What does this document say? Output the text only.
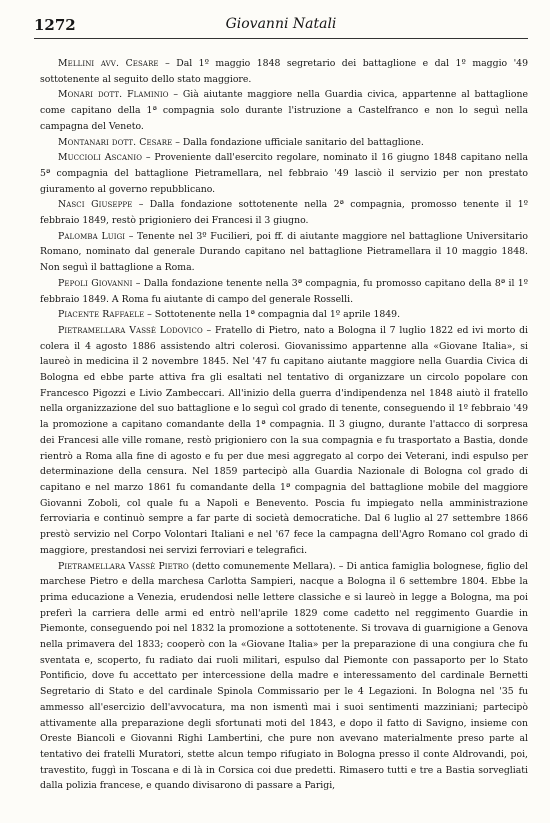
1272	Giovanni Natali

Mellini avv. Cesare – Dal 1º maggio 1848 segretario dei battaglione e dal 1º maggio '49 sottotenente al seguito dello stato maggiore.

Monari dott. Flaminio – Già aiutante maggiore nella Guardia civica, appartenne al battaglione come capitano della 1ª compagnia solo durante l'istruzione a Castelfranco e non lo seguì nella campagna del Veneto.

Montanari dott. Cesare – Dalla fondazione ufficiale sanitario del battaglione.

Muccioli Ascanio – Proveniente dall'esercito regolare, nominato il 16 giugno 1848 capitano nella 5ª compagnia del battaglione Pietramellara, nel febbraio '49 lasciò il servizio per non prestato giuramento al governo repubblicano.

Nasci Giuseppe – Dalla fondazione sottotenente nella 2ª compagnia, promosso tenente il 1º febbraio 1849, restò prigioniero dei Francesi il 3 giugno.

Palomba Luigi – Tenente nel 3º Fucilieri, poi ff. di aiutante maggiore nel battaglione Universitario Romano, nominato dal generale Durando capitano nel battaglione Pietramellara il 10 maggio 1848. Non seguì il battaglione a Roma.

Pepoli Giovanni – Dalla fondazione tenente nella 3ª compagnia, fu promosso capitano della 8ª il 1º febbraio 1849. A Roma fu aiutante di campo del generale Rosselli.

Piacente Raffaele – Sottotenente nella 1ª compagnia dal 1º aprile 1849.

Pietramellara Vassè Lodovico – Fratello di Pietro, nato a Bologna il 7 luglio 1822 ed ivi morto di colera il 4 agosto 1886 assistendo altri colerosi. Giovanissimo appartenne alla «Giovane Italia», si laureò in medicina il 2 novembre 1845. Nel '47 fu capitano aiutante maggiore nella Guardia Civica di Bologna ed ebbe parte attiva fra gli esaltati nel tentativo di organizzare un circolo popolare con Francesco Pigozzi e Livio Zambeccari. All'inizio della guerra d'indipendenza nel 1848 aiutò il fratello nella organizzazione del suo battaglione e lo seguì col grado di tenente, conseguendo il 1º febbraio '49 la promozione a capitano comandante della 1ª compagnia. Il 3 giugno, durante l'attacco di sorpresa dei Francesi alle ville romane, restò prigioniero con la sua compagnia e fu trasportato a Bastia, donde rientrò a Roma alla fine di agosto e fu per due mesi aggregato al corpo dei Veterani, indi espulso per determinazione della censura. Nel 1859 partecipò alla Guardia Nazionale di Bologna col grado di capitano e nel marzo 1861 fu comandante della 1ª compagnia del battaglione mobile del maggiore Giovanni Zoboli, col quale fu a Napoli e Benevento. Poscia fu impiegato nella amministrazione ferroviaria e continuò sempre a far parte di società democratiche. Dal 6 luglio al 27 settembre 1866 prestò servizio nel Corpo Volontari Italiani e nel '67 fece la campagna dell'Agro Romano col grado di maggiore, prestandosi nei servizi ferroviari e telegrafici.

Pietramellara Vassè Pietro (detto comunemente Mellara). – Di antica famiglia bolognese, figlio del marchese Pietro e della marchesa Carlotta Sampieri, nacque a Bologna il 6 settembre 1804. Ebbe la prima educazione a Venezia, erudendosi nelle lettere classiche e si laureò in legge a Bologna, ma poi preferì la carriera delle armi ed entrò nell'aprile 1829 come cadetto nel reggimento Guardie in Piemonte, conseguendo poi nel 1832 la promozione a sottotenente. Si trovava di guarnigione a Genova nella primavera del 1833; cooperò con la «Giovane Italia» per la preparazione di una congiura che fu sventata e, scoperto, fu radiato dai ruoli militari, espulso dal Piemonte con passaporto per lo Stato Pontificio, dove fu accettato per intercessione della madre e interessamento del cardinale Bernetti Segretario di Stato e del cardinale Spinola Commissario per le 4 Legazioni. In Bologna nel '35 fu ammesso all'esercizio dell'avvocatura, ma non ismentì mai i suoi sentimenti mazziniani; partecipò attivamente alla preparazione degli sfortunati moti del 1843, e dopo il fatto di Savigno, insieme con Oreste Biancoli e Giovanni Righi Lambertini, che pure non avevano materialmente preso parte al tentativo dei fratelli Muratori, stette alcun tempo rifugiato in Bologna presso il conte Aldrovandi, poi, travestito, fuggì in Toscana e di là in Corsica coi due predetti. Rimasero tutti e tre a Bastia sorvegliati dalla polizia francese, e quando divisarono di passare a Parigi,
